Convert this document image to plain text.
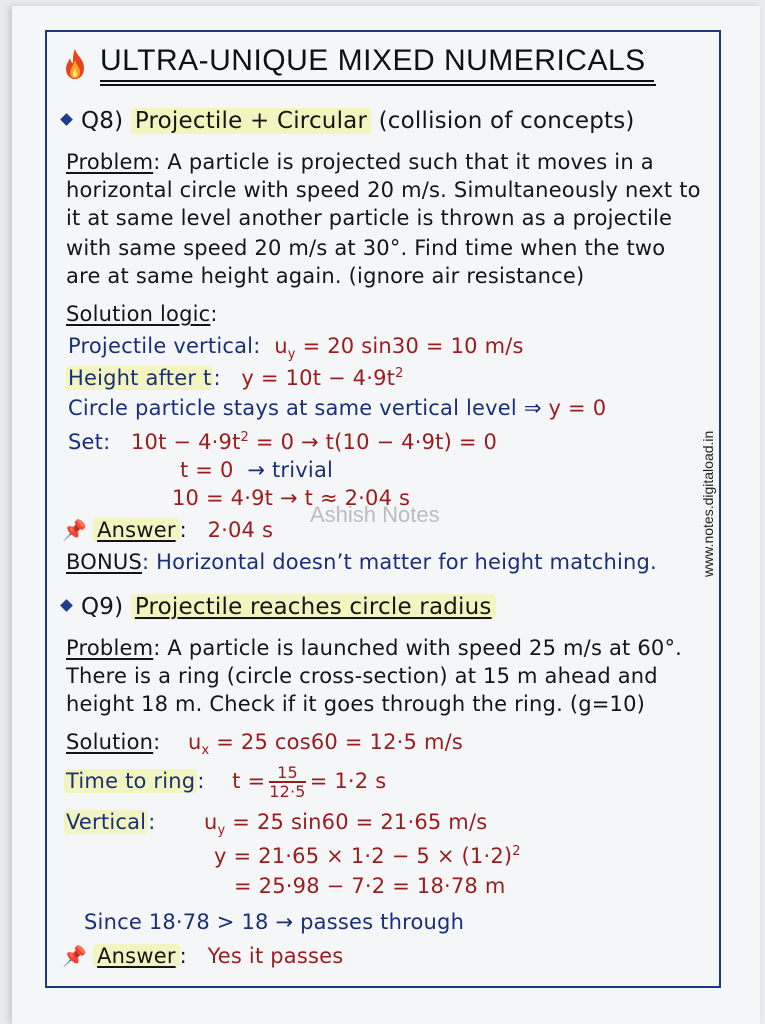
ULTRA-UNIQUE MIXED NUMERICALS
Q8) Projectile + Circular (collision of concepts)
Problem: A particle is projected such that it moves in a
horizontal circle with speed 20 m/s. Simultaneously next to
it at same level another particle is thrown as a projectile
with same speed 20 m/s at 30°. Find time when the two
are at same height again. (ignore air resistance)
Solution logic:
Projectile vertical: $u_y = 20$ sin30 = 10 m/s
Height after t: $y = 10t - 4\cdot 9t^2$
Circle particle stays at same vertical level ⇒ y = 0
Set: $10t - 4\cdot 9t^2 = 0 \to t(10 - 4\cdot 9t) = 0$
t = 0 → trivial
10 = 4·9t → t ≈ 2·04 s
Ashish Notes
📌 Answer :   2·04 s
BONUS: Horizontal doesn’t matter for height matching.
Q9) Projectile reaches circle radius
Problem: A particle is launched with speed 25 m/s at 60°.
There is a ring (circle cross-section) at 15 m ahead and
height 18 m. Check if it goes through the ring. (g=10)
Solution:    $u_x = 25$ cos60 = 12·5 m/s
Time to ring: $t = \frac{15}{12\cdot 5} = 1\cdot 2$ s
Vertical: $u_y = 25$ sin60 = 21·65 m/s
$y = 21\cdot 65 \times 1\cdot 2 - 5 \times (1\cdot 2)^2$
= 25·98 − 7·2 = 18·78 m
Since 18·78 > 18 → passes through
📌 Answer :   Yes it passes
www.notes.digitaload.in
